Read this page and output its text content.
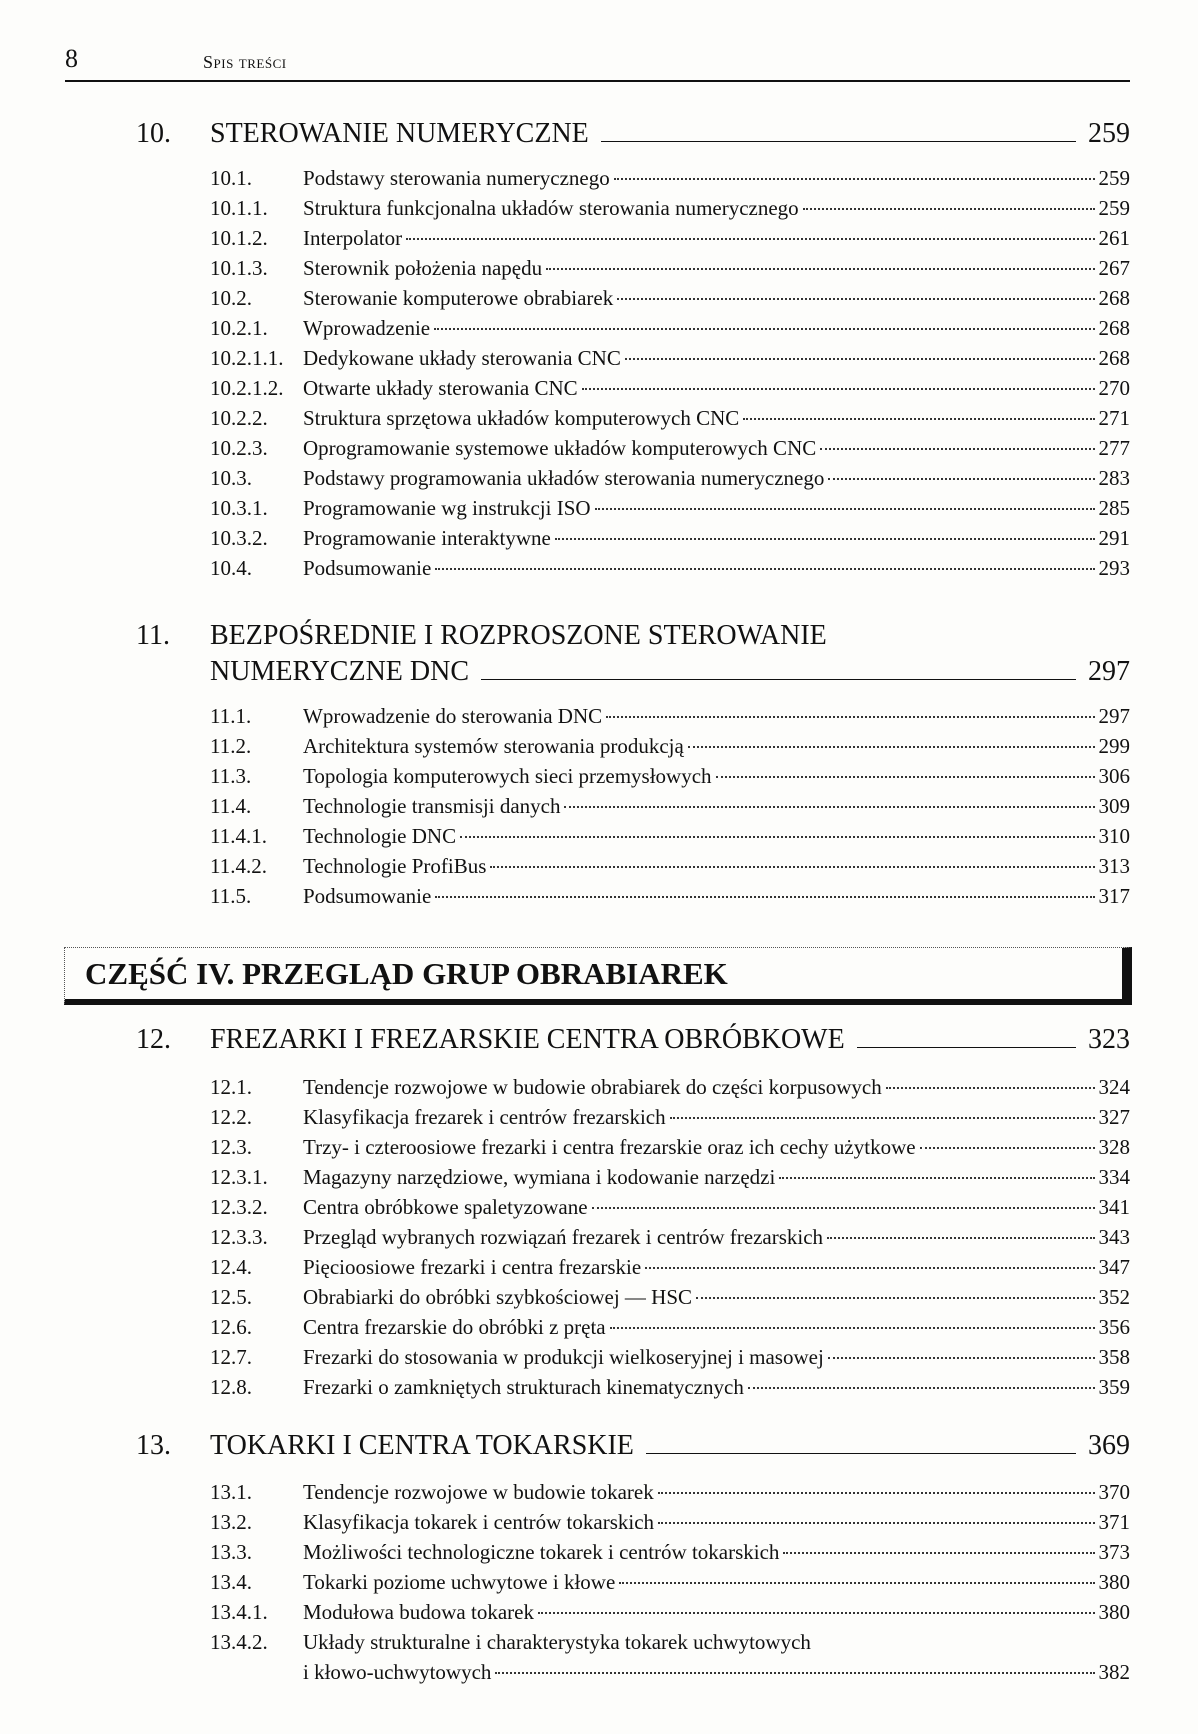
8	Spis treści
10. STEROWANIE NUMERYCZNE	259
10.1.	Podstawy sterowania numerycznego	259
10.1.1.	Struktura funkcjonalna układów sterowania numerycznego	259
10.1.2.	Interpolator	261
10.1.3.	Sterownik położenia napędu	267
10.2.	Sterowanie komputerowe obrabiarek	268
10.2.1.	Wprowadzenie	268
10.2.1.1. Dedykowane układy sterowania CNC	268
10.2.1.2. Otwarte układy sterowania CNC	270
10.2.2.	Struktura sprzętowa układów komputerowych CNC	271
10.2.3.	Oprogramowanie systemowe układów komputerowych CNC	277
10.3.	Podstawy programowania układów sterowania numerycznego	283
10.3.1.	Programowanie wg instrukcji ISO	285
10.3.2.	Programowanie interaktywne	291
10.4.	Podsumowanie	293
11. BEZPOŚREDNIE I ROZPROSZONE STEROWANIE
NUMERYCZNE DNC	297
11.1.	Wprowadzenie do sterowania DNC	297
11.2.	Architektura systemów sterowania produkcją	299
11.3.	Topologia komputerowych sieci przemysłowych	306
11.4.	Technologie transmisji danych	309
11.4.1.	Technologie DNC	310
11.4.2.	Technologie ProfiBus	313
11.5.	Podsumowanie	317
CZĘŚĆ IV. PRZEGLĄD GRUP OBRABIAREK
12. FREZARKI I FREZARSKIE CENTRA OBRÓBKOWE	323
12.1.	Tendencje rozwojowe w budowie obrabiarek do części korpusowych	324
12.2.	Klasyfikacja frezarek i centrów frezarskich	327
12.3.	Trzy- i czteroosiowe frezarki i centra frezarskie oraz ich cechy użytkowe	328
12.3.1.	Magazyny narzędziowe, wymiana i kodowanie narzędzi	334
12.3.2.	Centra obróbkowe spaletyzowane	341
12.3.3.	Przegląd wybranych rozwiązań frezarek i centrów frezarskich	343
12.4.	Pięcioosiowe frezarki i centra frezarskie	347
12.5.	Obrabiarki do obróbki szybkościowej — HSC	352
12.6.	Centra frezarskie do obróbki z pręta	356
12.7.	Frezarki do stosowania w produkcji wielkoseryjnej i masowej	358
12.8.	Frezarki o zamkniętych strukturach kinematycznych	359
13. TOKARKI I CENTRA TOKARSKIE	369
13.1.	Tendencje rozwojowe w budowie tokarek	370
13.2.	Klasyfikacja tokarek i centrów tokarskich	371
13.3.	Możliwości technologiczne tokarek i centrów tokarskich	373
13.4.	Tokarki poziome uchwytowe i kłowe	380
13.4.1.	Modułowa budowa tokarek	380
13.4.2.	Układy strukturalne i charakterystyka tokarek uchwytowych
i kłowo-uchwytowych	382
